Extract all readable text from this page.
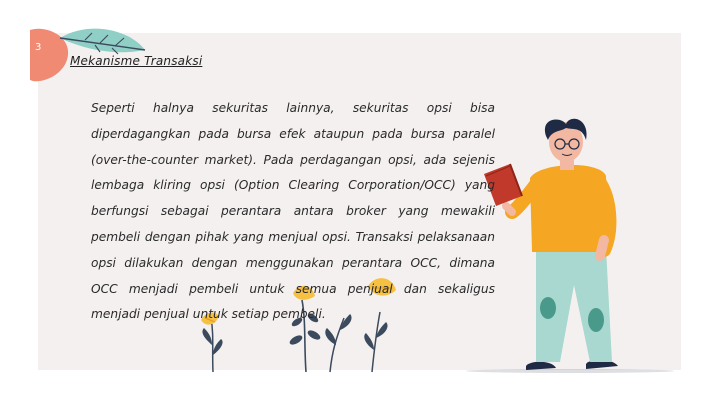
3
Mekanisme Transaksi
Seperti halnya sekuritas lainnya, sekuritas opsi bisa diperdagangkan pada bursa efek ataupun pada bursa paralel (over-the-counter market). Pada perdagangan opsi, ada sejenis lembaga kliring opsi (Option Clearing Corporation/OCC) yang berfungsi sebagai perantara antara broker yang mewakili pembeli dengan pihak yang menjual opsi. Transaksi pelaksanaan opsi dilakukan dengan menggunakan perantara OCC, dimana OCC menjadi pembeli untuk semua penjual dan sekaligus menjadi penjual untuk setiap pembeli.
